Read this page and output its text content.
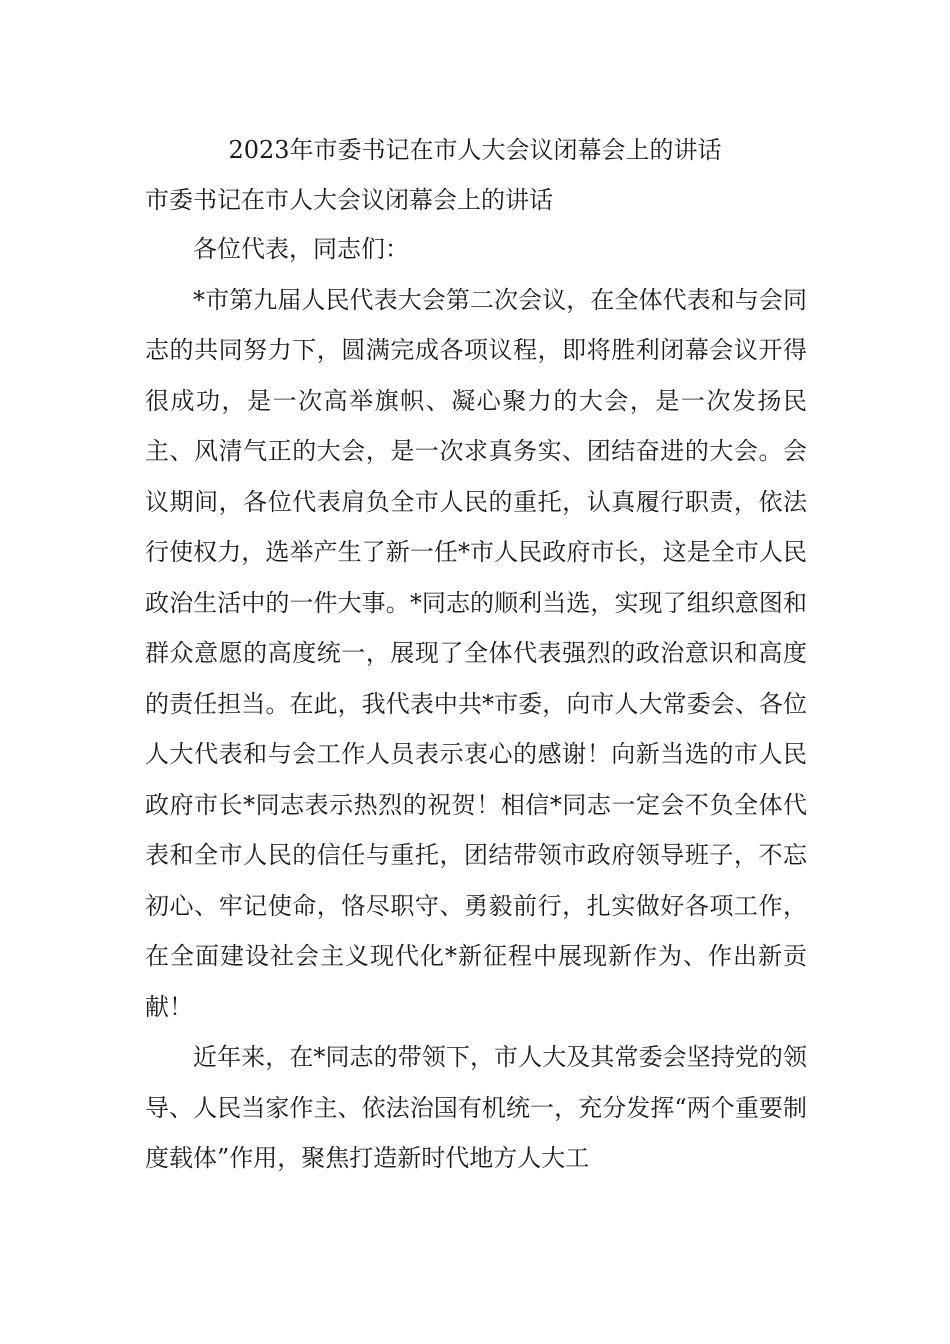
2023年市委书记在市人大会议闭幕会上的讲话
市委书记在市人大会议闭幕会上的讲话

各位代表，同志们：

*市第九届人民代表大会第二次会议，在全体代表和与会同志的共同努力下，圆满完成各项议程，即将胜利闭幕会议开得很成功，是一次高举旗帜、凝心聚力的大会，是一次发扬民主、风清气正的大会，是一次求真务实、团结奋进的大会。会议期间，各位代表肩负全市人民的重托，认真履行职责，依法行使权力，选举产生了新一任*市人民政府市长，这是全市人民政治生活中的一件大事。*同志的顺利当选，实现了组织意图和群众意愿的高度统一，展现了全体代表强烈的政治意识和高度的责任担当。在此，我代表中共*市委，向市人大常委会、各位人大代表和与会工作人员表示衷心的感谢！向新当选的市人民政府市长*同志表示热烈的祝贺！相信*同志一定会不负全体代表和全市人民的信任与重托，团结带领市政府领导班子，不忘初心、牢记使命，恪尽职守、勇毅前行，扎实做好各项工作，在全面建设社会主义现代化*新征程中展现新作为、作出新贡献！

近年来，在*同志的带领下，市人大及其常委会坚持党的领导、人民当家作主、依法治国有机统一，充分发挥“两个重要制度载体”作用，聚焦打造新时代地方人大工
